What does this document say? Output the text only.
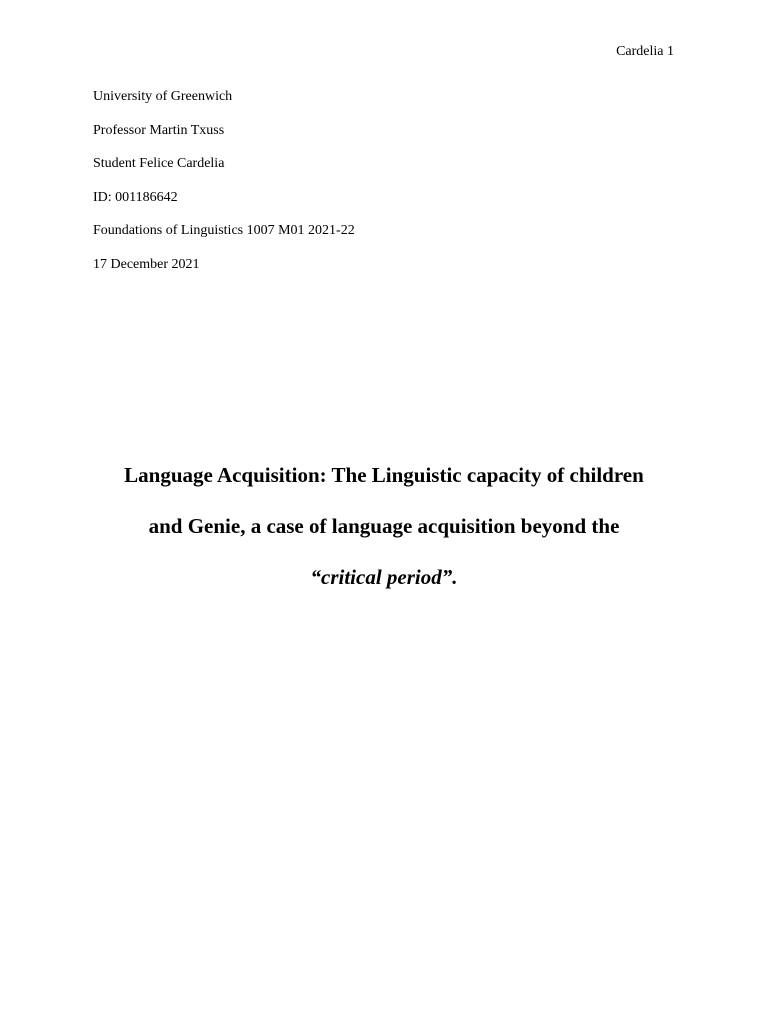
Cardelia 1
University of Greenwich
Professor Martin Txuss
Student Felice Cardelia
ID: 001186642
Foundations of Linguistics 1007 M01 2021-22
17 December 2021
Language Acquisition: The Linguistic capacity of children
and Genie, a case of language acquisition beyond the
“critical period”.
